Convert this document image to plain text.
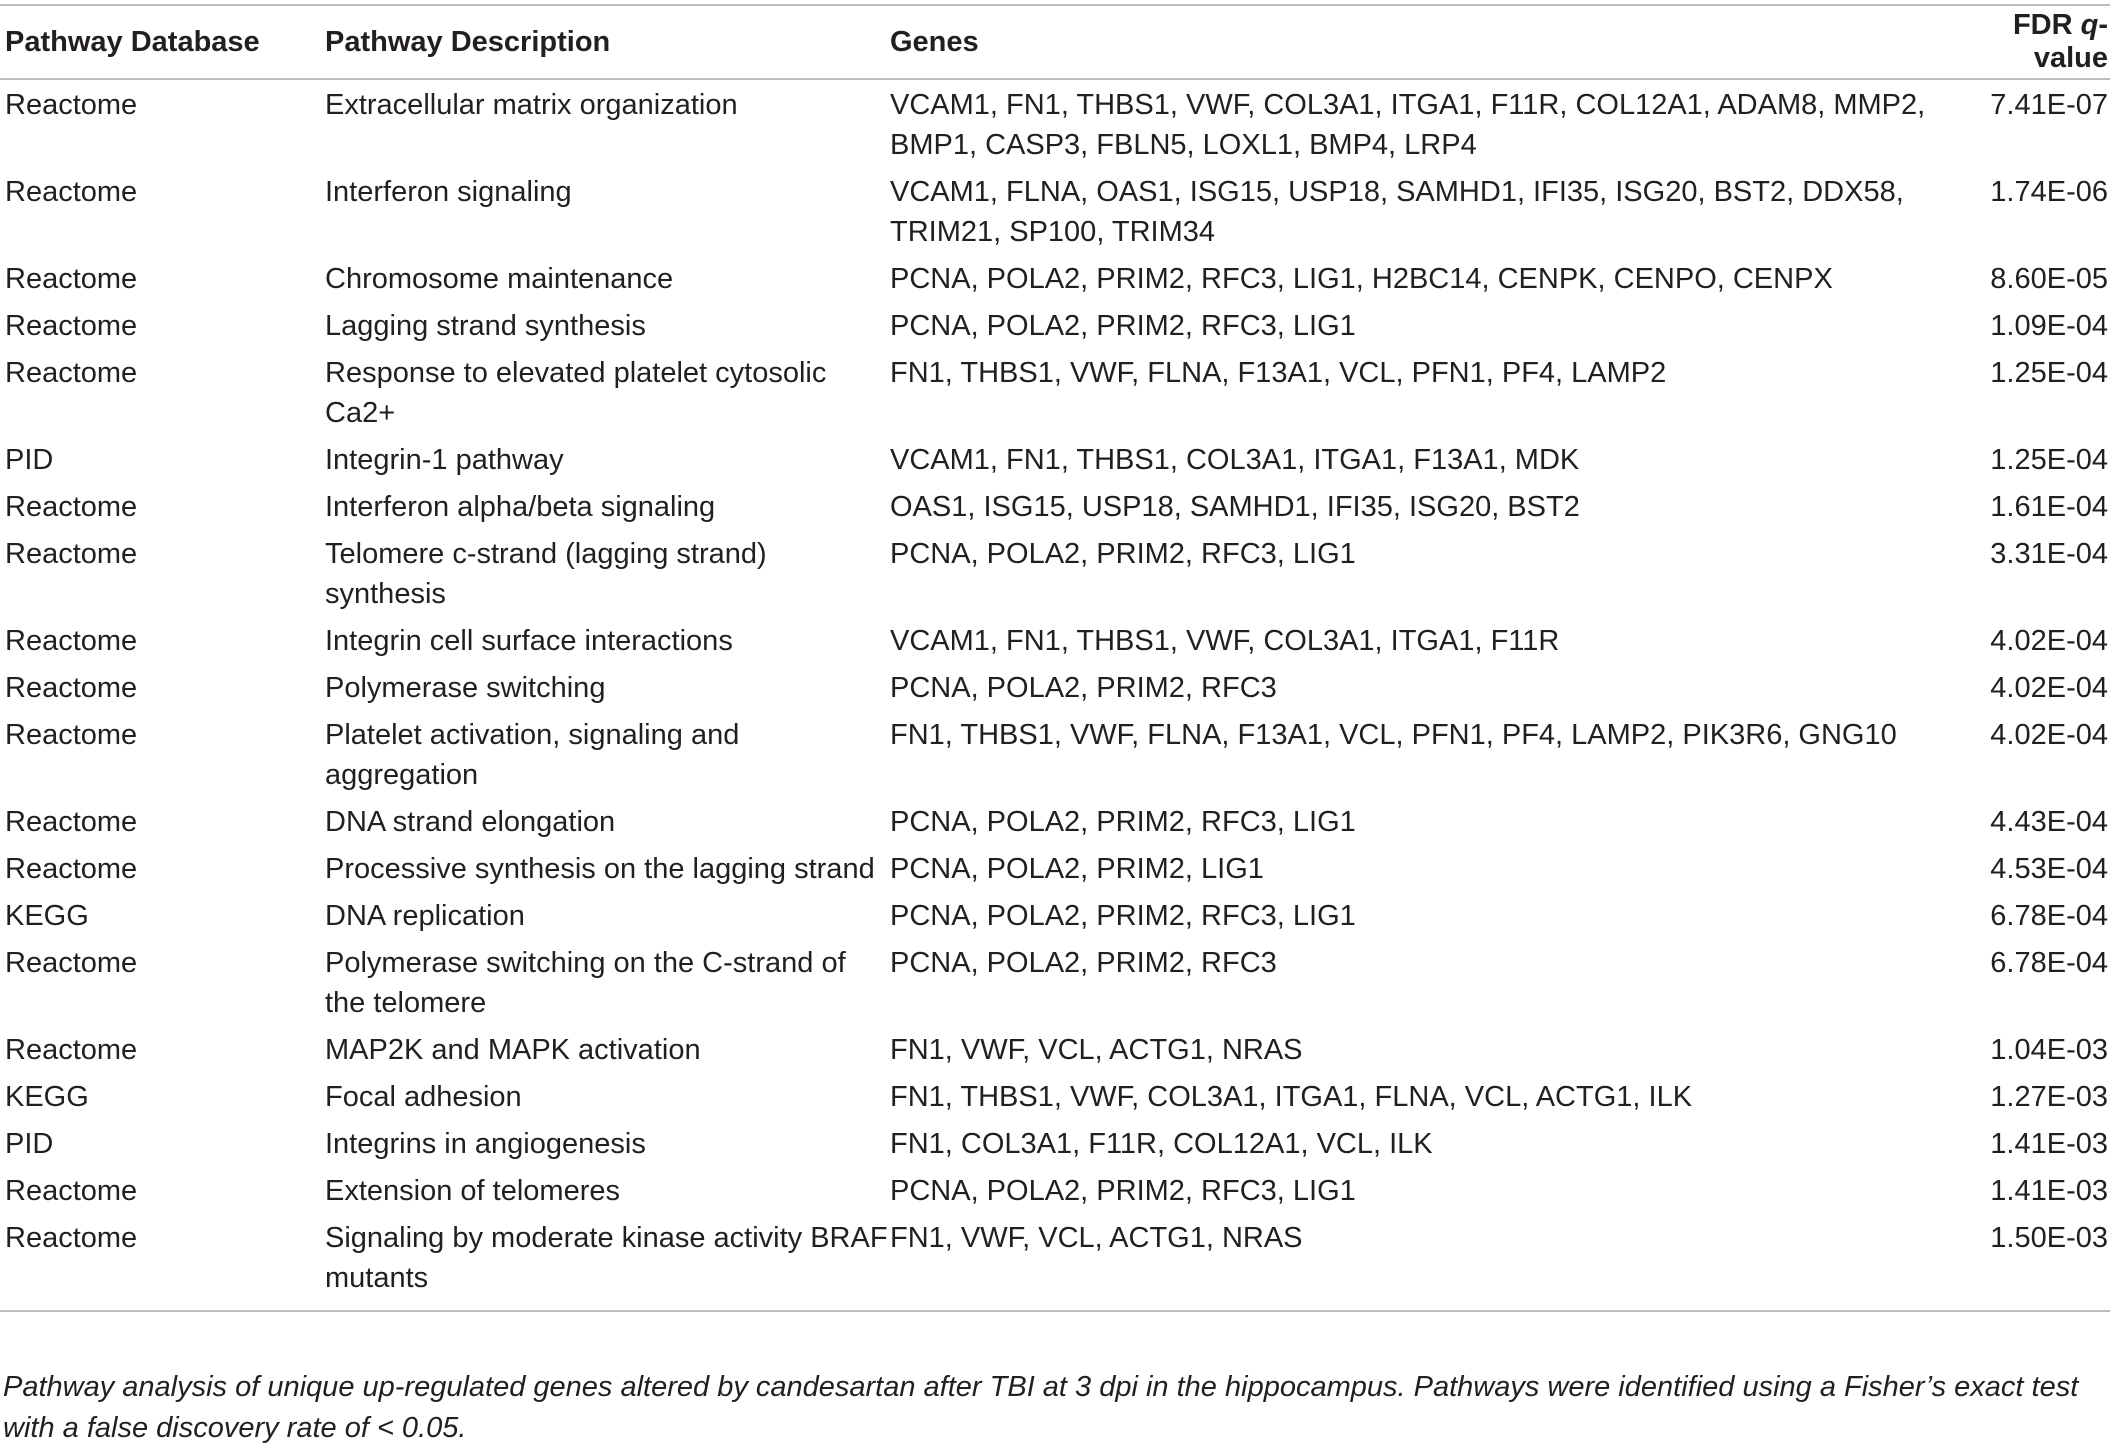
Pathway Database	Pathway Description	Genes	FDR q-value
Reactome	Extracellular matrix organization	VCAM1, FN1, THBS1, VWF, COL3A1, ITGA1, F11R, COL12A1, ADAM8, MMP2, BMP1, CASP3, FBLN5, LOXL1, BMP4, LRP4	7.41E-07
Reactome	Interferon signaling	VCAM1, FLNA, OAS1, ISG15, USP18, SAMHD1, IFI35, ISG20, BST2, DDX58, TRIM21, SP100, TRIM34	1.74E-06
Reactome	Chromosome maintenance	PCNA, POLA2, PRIM2, RFC3, LIG1, H2BC14, CENPK, CENPO, CENPX	8.60E-05
Reactome	Lagging strand synthesis	PCNA, POLA2, PRIM2, RFC3, LIG1	1.09E-04
Reactome	Response to elevated platelet cytosolic Ca2+	FN1, THBS1, VWF, FLNA, F13A1, VCL, PFN1, PF4, LAMP2	1.25E-04
PID	Integrin-1 pathway	VCAM1, FN1, THBS1, COL3A1, ITGA1, F13A1, MDK	1.25E-04
Reactome	Interferon alpha/beta signaling	OAS1, ISG15, USP18, SAMHD1, IFI35, ISG20, BST2	1.61E-04
Reactome	Telomere c-strand (lagging strand) synthesis	PCNA, POLA2, PRIM2, RFC3, LIG1	3.31E-04
Reactome	Integrin cell surface interactions	VCAM1, FN1, THBS1, VWF, COL3A1, ITGA1, F11R	4.02E-04
Reactome	Polymerase switching	PCNA, POLA2, PRIM2, RFC3	4.02E-04
Reactome	Platelet activation, signaling and aggregation	FN1, THBS1, VWF, FLNA, F13A1, VCL, PFN1, PF4, LAMP2, PIK3R6, GNG10	4.02E-04
Reactome	DNA strand elongation	PCNA, POLA2, PRIM2, RFC3, LIG1	4.43E-04
Reactome	Processive synthesis on the lagging strand	PCNA, POLA2, PRIM2, LIG1	4.53E-04
KEGG	DNA replication	PCNA, POLA2, PRIM2, RFC3, LIG1	6.78E-04
Reactome	Polymerase switching on the C-strand of the telomere	PCNA, POLA2, PRIM2, RFC3	6.78E-04
Reactome	MAP2K and MAPK activation	FN1, VWF, VCL, ACTG1, NRAS	1.04E-03
KEGG	Focal adhesion	FN1, THBS1, VWF, COL3A1, ITGA1, FLNA, VCL, ACTG1, ILK	1.27E-03
PID	Integrins in angiogenesis	FN1, COL3A1, F11R, COL12A1, VCL, ILK	1.41E-03
Reactome	Extension of telomeres	PCNA, POLA2, PRIM2, RFC3, LIG1	1.41E-03
Reactome	Signaling by moderate kinase activity BRAF mutants	FN1, VWF, VCL, ACTG1, NRAS	1.50E-03
Pathway analysis of unique up-regulated genes altered by candesartan after TBI at 3 dpi in the hippocampus. Pathways were identified using a Fisher’s exact test with a false discovery rate of < 0.05.
